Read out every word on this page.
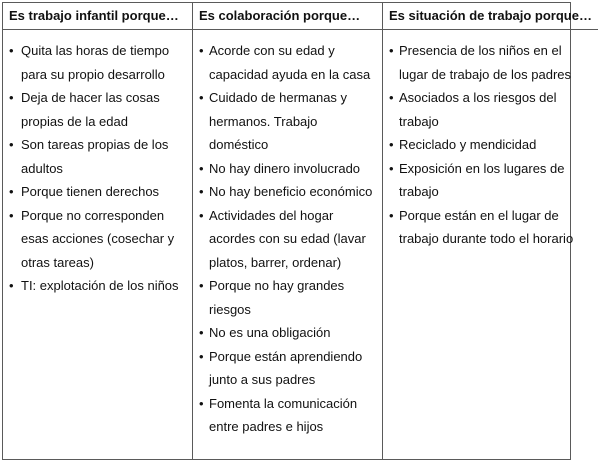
Es trabajo infantil porque…	Es colaboración porque…	Es situación de trabajo porque…
• Quita las horas de tiempo para su propio desarrollo
• Deja de hacer las cosas propias de la edad
• Son tareas propias de los adultos
• Porque tienen derechos
• Porque no corresponden esas acciones (cosechar y otras tareas)
• TI: explotación de los niños
• Acorde con su edad y capacidad ayuda en la casa
• Cuidado de hermanas y hermanos. Trabajo doméstico
• No hay dinero involucrado
• No hay beneficio económico
• Actividades del hogar acordes con su edad (lavar platos, barrer, ordenar)
• Porque no hay grandes riesgos
• No es una obligación
• Porque están aprendiendo junto a sus padres
• Fomenta la comunicación entre padres e hijos
• Presencia de los niños en el lugar de trabajo de los padres
• Asociados a los riesgos del trabajo
• Reciclado y mendicidad
• Exposición en los lugares de trabajo
• Porque están en el lugar de trabajo durante todo el horario
